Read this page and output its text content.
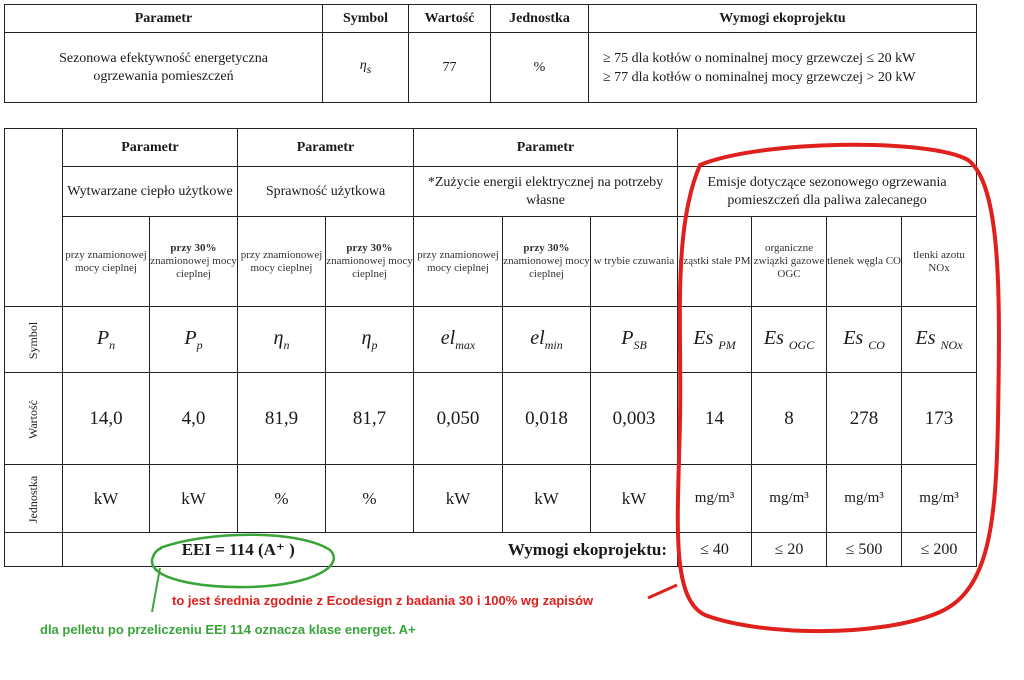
Parametr	Symbol	Wartość	Jednostka	Wymogi ekoprojektu
Sezonowa efektywność energetyczna ogrzewania pomieszczeń	$\eta_s$	77	%	≥ 75 dla kotłów o nominalnej mocy grzewczej ≤ 20 kW
≥ 77 dla kotłów o nominalnej mocy grzewczej > 20 kW
	Parametr		Parametr		Parametr						
	Wytwarzane ciepło użytkowe		Sprawność użytkowa		*Zużycie energii elektrycznej na potrzeby własne			Emisje dotyczące sezonowego ogrzewania pomieszczeń dla paliwa zalecanego			
	przy znamionowej mocy cieplnej	przy 30% znamionowej mocy cieplnej	przy znamionowej mocy cieplnej	przy 30% znamionowej mocy cieplnej	przy znamionowej mocy cieplnej	przy 30% znamionowej mocy cieplnej	w trybie czuwania	cząstki stałe PM	organiczne związki gazowe OGC	tlenek węgla CO	tlenki azotu NOx
Symbol	$P_n$	$P_p$	$\eta_n$	$\eta_p$	$el_{max}$	$el_{min}$	$P_{SB}$	Es $_{PM}$	Es $_{OGC}$	Es $_{CO}$	Es $_{NOx}$
Wartość	14,0	4,0	81,9	81,7	0,050	0,018	0,003	14	8	278	173
Jednostka	kW	kW	%	%	kW	kW	kW	mg/m³	mg/m³	mg/m³	mg/m³
	EEI = 114 (A⁺ )				Wymogi ekoprojektu:			≤ 40	≤ 20	≤ 500	≤ 200
to jest średnia zgodnie z Ecodesign z badania 30 i 100% wg zapisów
dla pelletu po przeliczeniu EEI 114 oznacza klase energet. A+
